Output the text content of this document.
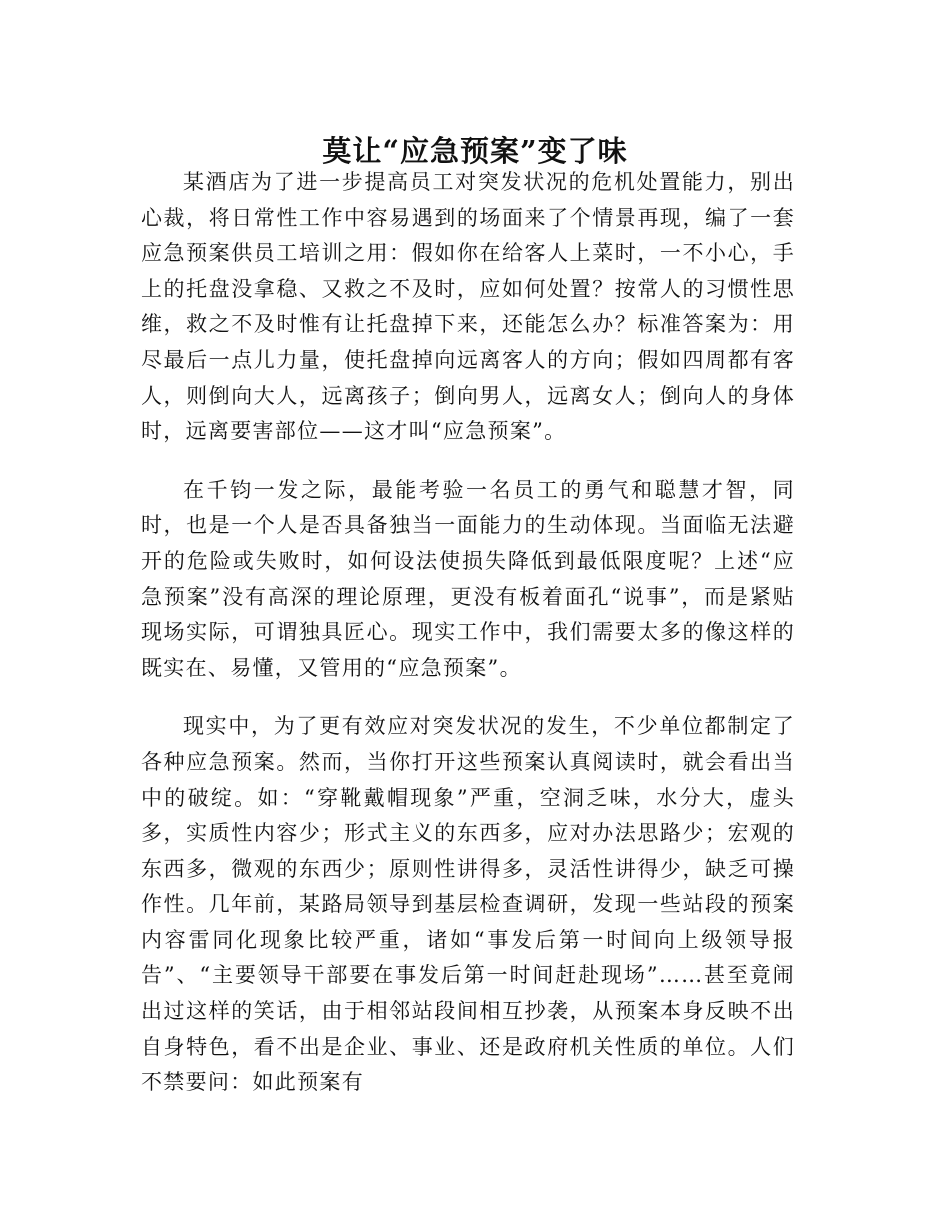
莫让“应急预案”变了味

某酒店为了进一步提高员工对突发状况的危机处置能力，别出心裁，将日常性工作中容易遇到的场面来了个情景再现，编了一套应急预案供员工培训之用：假如你在给客人上菜时，一不小心，手上的托盘没拿稳、又救之不及时，应如何处置？按常人的习惯性思维，救之不及时惟有让托盘掉下来，还能怎么办？标准答案为：用尽最后一点儿力量，使托盘掉向远离客人的方向；假如四周都有客人，则倒向大人，远离孩子；倒向男人，远离女人；倒向人的身体时，远离要害部位——这才叫“应急预案”。

在千钧一发之际，最能考验一名员工的勇气和聪慧才智，同时，也是一个人是否具备独当一面能力的生动体现。当面临无法避开的危险或失败时，如何设法使损失降低到最低限度呢？上述“应急预案”没有高深的理论原理，更没有板着面孔“说事”，而是紧贴现场实际，可谓独具匠心。现实工作中，我们需要太多的像这样的既实在、易懂，又管用的“应急预案”。

现实中，为了更有效应对突发状况的发生，不少单位都制定了各种应急预案。然而，当你打开这些预案认真阅读时，就会看出当中的破绽。如：“穿靴戴帽现象”严重，空洞乏味，水分大，虚头多，实质性内容少；形式主义的东西多，应对办法思路少；宏观的东西多，微观的东西少；原则性讲得多，灵活性讲得少，缺乏可操作性。几年前，某路局领导到基层检查调研，发现一些站段的预案内容雷同化现象比较严重，诸如“事发后第一时间向上级领导报告”、“主要领导干部要在事发后第一时间赶赴现场”……甚至竟闹出过这样的笑话，由于相邻站段间相互抄袭，从预案本身反映不出自身特色，看不出是企业、事业、还是政府机关性质的单位。人们不禁要问：如此预案有
